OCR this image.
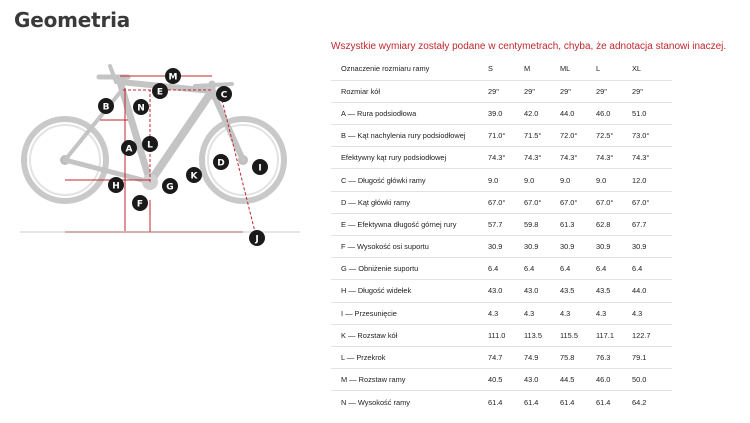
Geometria
M
C
B	N
E
A L
D	I
H	G
K
F
J

Wszystkie wymiary zostały podane w centymetrach, chyba, że adnotacja stanowi inaczej.

Oznaczenie rozmiaru ramy	S	M	ML	L	XL
Rozmiar kół	29"	29"	29"	29"	29"
A — Rura podsiodłowa	39.0	42.0	44.0	46.0	51.0
B — Kąt nachylenia rury podsiodłowej	71.0°	71.5°	72.0°	72.5°	73.0°
Efektywny kąt rury podsiodłowej	74.3°	74.3°	74.3°	74.3°	74.3°
C — Długość główki ramy	9.0	9.0	9.0	9.0	12.0
D — Kąt główki ramy	67.0°	67.0°	67.0°	67.0°	67.0°
E — Efektywna długość górnej rury	57.7	59.8	61.3	62.8	67.7
F — Wysokość osi suportu	30.9	30.9	30.9	30.9	30.9
G — Obniżenie suportu	6.4	6.4	6.4	6.4	6.4
H — Długość widełek	43.0	43.0	43.5	43.5	44.0
I — Przesunięcie	4.3	4.3	4.3	4.3	4.3
K — Rozstaw kół	111.0	113.5	115.5	117.1	122.7
L — Przekrok	74.7	74.9	75.8	76.3	79.1
M — Rozstaw ramy	40.5	43.0	44.5	46.0	50.0
N — Wysokość ramy	61.4	61.4	61.4	61.4	64.2
